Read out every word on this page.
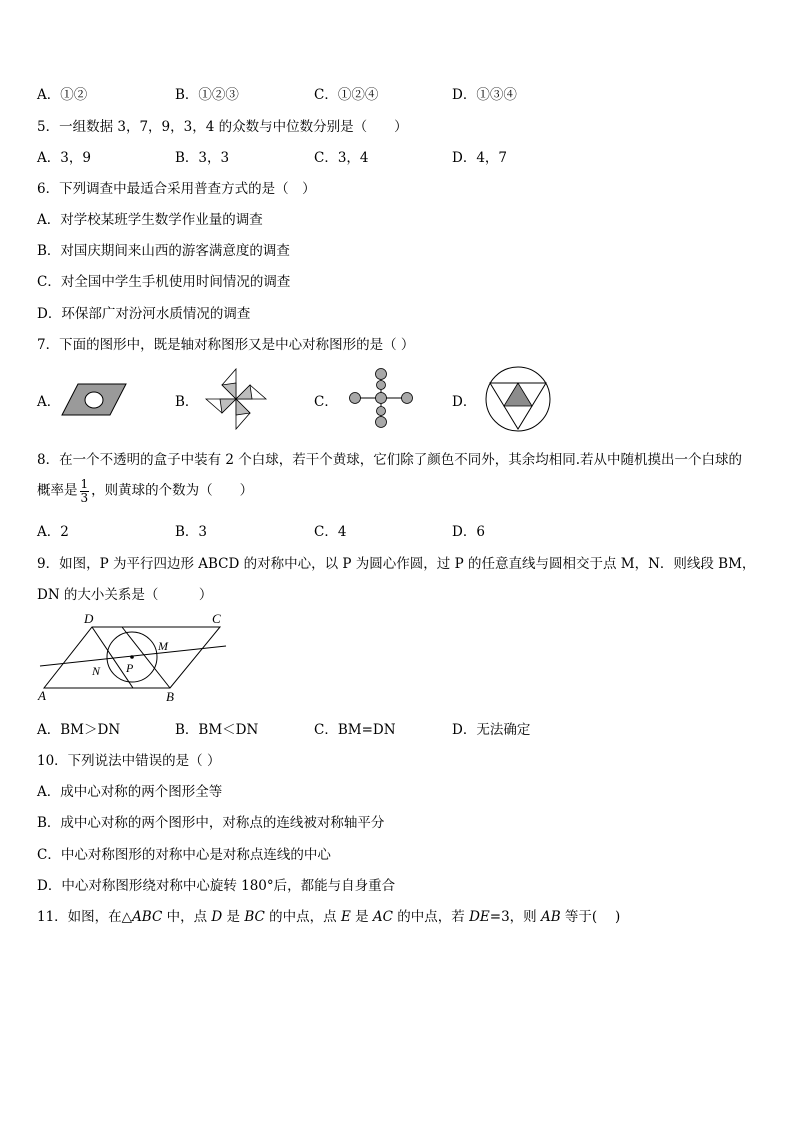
A．①②	B．①②③	C．①②④	D．①③④
5．一组数据 3，7，9，3，4 的众数与中位数分别是（　　）
A．3，9	B．3，3	C．3，4	D．4，7
6．下列调查中最适合采用普查方式的是（　）
A．对学校某班学生数学作业量的调查
B．对国庆期间来山西的游客满意度的调查
C．对全国中学生手机使用时间情况的调查
D．环保部广对汾河水质情况的调查
7．下面的图形中，既是轴对称图形又是中心对称图形的是（ ）
A．	B．	C．	D．
8．在一个不透明的盒子中装有 2 个白球，若干个黄球，它们除了颜色不同外，其余均相同.若从中随机摸出一个白球的
概率是 $\frac{1}{3}$ ，则黄球的个数为（　　）
A．2	B．3	C．4	D．6
9．如图，P 为平行四边形 ABCD 的对称中心，以 P 为圆心作圆，过 P 的任意直线与圆相交于点 M，N．则线段 BM，
DN 的大小关系是（　　　）
A	B
C
D
M
N P
A．BM＞DN	B．BM＜DN	C．BM=DN	D．无法确定
10．下列说法中错误的是（ ）
A．成中心对称的两个图形全等
B．成中心对称的两个图形中，对称点的连线被对称轴平分
C．中心对称图形的对称中心是对称点连线的中心
D．中心对称图形绕对称中心旋转 180°后，都能与自身重合
11．如图，在△ABC 中，点 D 是 BC 的中点，点 E 是 AC 的中点，若 DE=3，则 AB 等于(　 )
